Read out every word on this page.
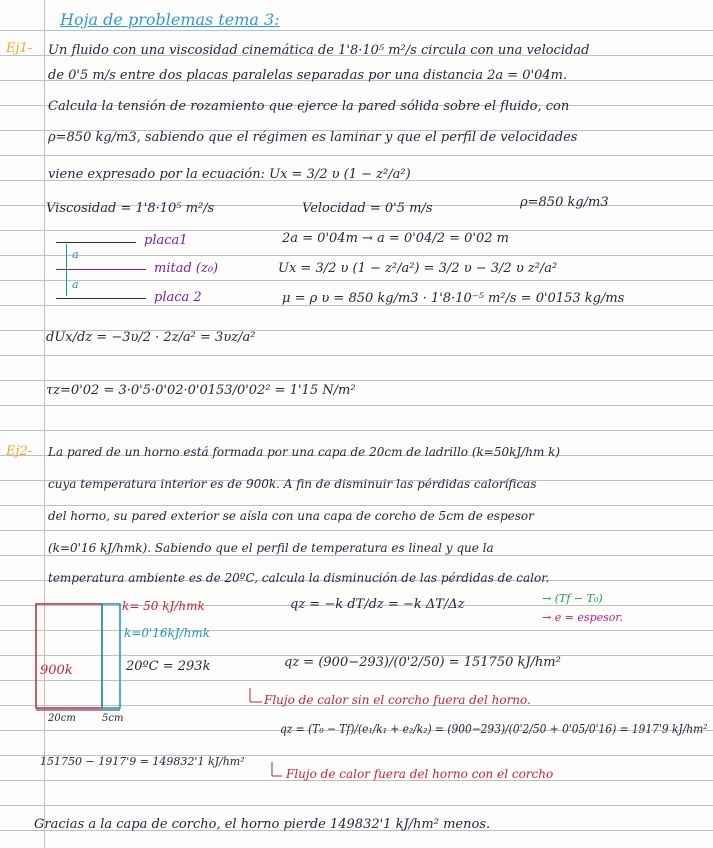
Hoja de problemas tema 3:
Ej1- Un fluido con una viscosidad cinemática de 1'8·10⁵ m²/s circula con una velocidad
de 0'5 m/s entre dos placas paralelas separadas por una distancia 2a = 0'04m.
Calcula la tensión de rozamiento que ejerce la pared sólida sobre el fluido, con
ρ=850 kg/m3, sabiendo que el régimen es laminar y que el perfil de velocidades
viene expresado por la ecuación: Ux = 3/2 υ (1 − z²/a²)
Viscosidad = 1'8·10⁵ m²/s	Velocidad = 0'5 m/s	ρ=850 kg/m3
placa1
mitad (z₀)
placa 2
a
a
2a = 0'04m → a = 0'04/2 = 0'02 m
Ux = 3/2 υ (1 − z²/a²) = 3/2 υ − 3/2 υ z²/a²
μ = ρ υ = 850 kg/m3 · 1'8·10⁻⁵ m²/s = 0'0153 kg/ms
dUx/dz = −3υ/2 · 2z/a² = 3υz/a²
τz=0'02 = 3·0'5·0'02·0'0153/0'02² = 1'15 N/m²
Ej2- La pared de un horno está formada por una capa de 20cm de ladrillo (k=50kJ/hm k)
cuya temperatura interior es de 900k. A fin de disminuir las pérdidas caloríficas
del horno, su pared exterior se aísla con una capa de corcho de 5cm de espesor
(k=0'16 kJ/hmk). Sabiendo que el perfil de temperatura es lineal y que la
temperatura ambiente es de 20ºC, calcula la disminución de las pérdidas de calor.
k= 50 kJ/hmk
k=0'16kJ/hmk
900k	20ºC = 293k
20cm	5cm
qz = −k dT/dz = −k ΔT/Δz	→ (Tf − T₀)
→ e = espesor.
qz = (900−293)/(0'2/50) = 151750 kJ/hm²
Flujo de calor sin el corcho fuera del horno.
qz = (T₀ − Tf)/(e₁/k₁ + e₂/k₂) = (900−293)/(0'2/50 + 0'05/0'16) = 1917'9 kJ/hm²
151750 − 1917'9 = 149832'1 kJ/hm²
Flujo de calor fuera del horno con el corcho
Gracias a la capa de corcho, el horno pierde 149832'1 kJ/hm² menos.
